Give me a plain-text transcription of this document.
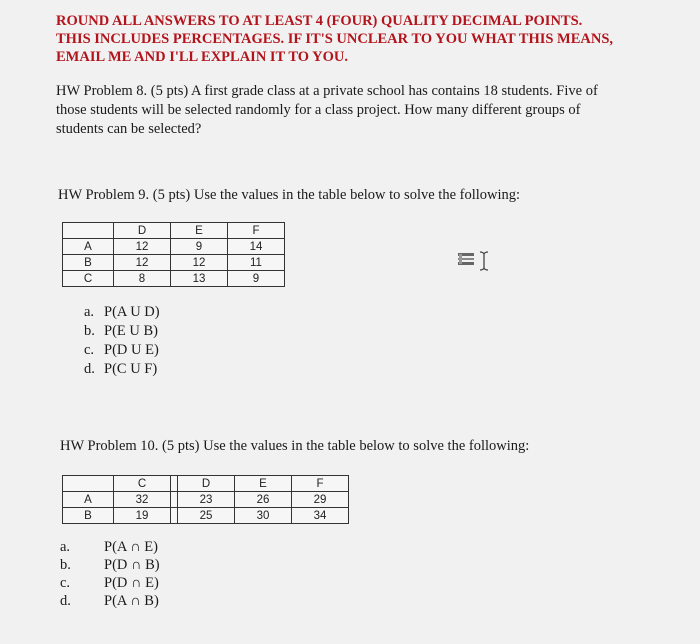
ROUND ALL ANSWERS TO AT LEAST 4 (FOUR) QUALITY DECIMAL POINTS.
THIS INCLUDES PERCENTAGES. IF IT'S UNCLEAR TO YOU WHAT THIS MEANS,
EMAIL ME AND I'LL EXPLAIN IT TO YOU.
HW Problem 8. (5 pts) A first grade class at a private school has contains 18 students. Five of
those students will be selected randomly for a class project. How many different groups of
students can be selected?
HW Problem 9. (5 pts) Use the values in the table below to solve the following:
	D	E	F
A	12	9	14
B	12	12	11
C	8	13	9
a. P(A U D)
b. P(E U B)
c. P(D U E)
d. P(C U F)
HW Problem 10. (5 pts) Use the values in the table below to solve the following:
	C		D	E	F
A	32		23	26	29
B	19		25	30	34
a. P(A ∩ E)
b. P(D ∩ B)
c. P(D ∩ E)
d. P(A ∩ B)
